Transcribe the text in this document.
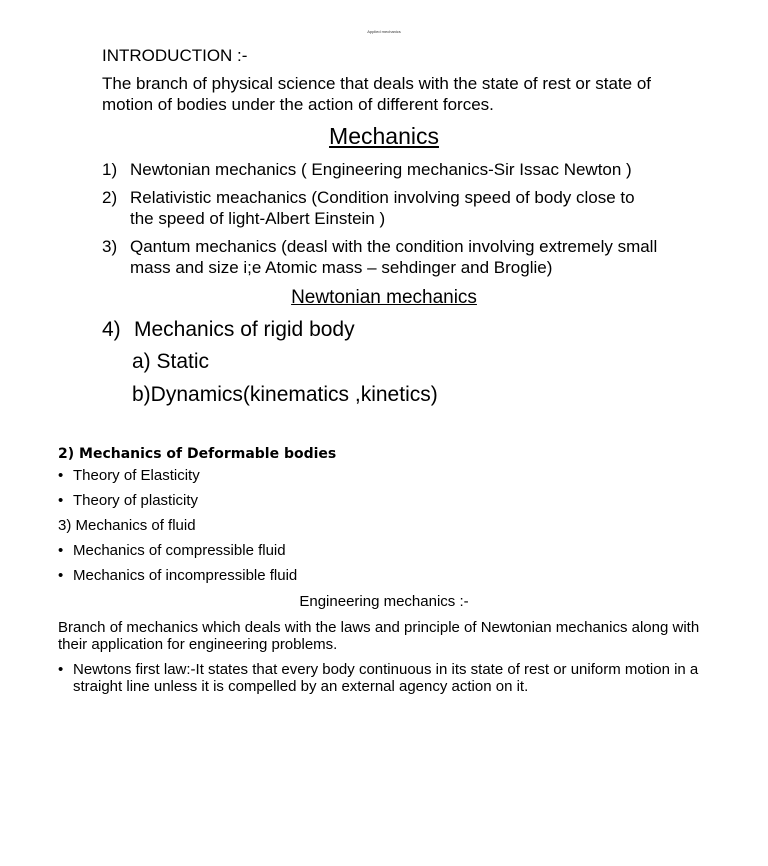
Applied mechanics
INTRODUCTION :-
The branch of physical science that deals with the state of rest or state of motion of bodies under the action of different forces.
Mechanics
1) Newtonian mechanics ( Engineering mechanics-Sir Issac Newton )
2) Relativistic meachanics (Condition involving speed of body close to the speed of light-Albert Einstein )
3) Qantum mechanics (deasl with the condition involving extremely small mass and size i;e Atomic mass – sehdinger and Broglie)
Newtonian mechanics
4) Mechanics of rigid body
a) Static
b)Dynamics(kinematics ,kinetics)
2) Mechanics of Deformable bodies
• Theory of Elasticity
• Theory of plasticity
3) Mechanics of fluid
• Mechanics of compressible fluid
• Mechanics of incompressible fluid
Engineering mechanics :-
Branch of mechanics which deals with the laws and principle of Newtonian mechanics along with their application for engineering problems.
• Newtons first law:-It states that every body continuous in its state of rest or uniform motion in a straight line unless it is compelled by an external agency action on it.
